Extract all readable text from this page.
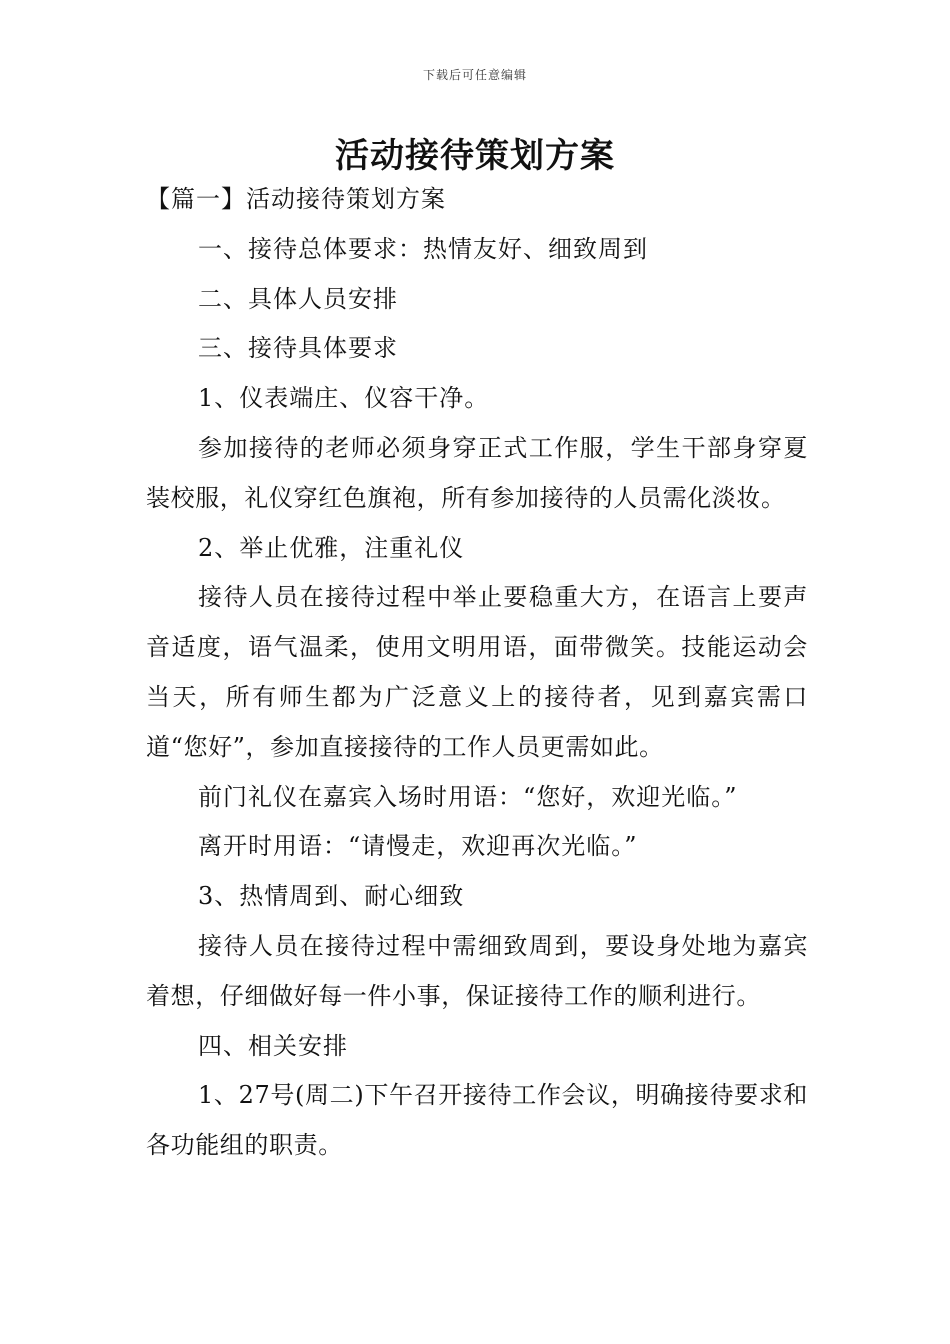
下载后可任意编辑
活动接待策划方案

【篇一】活动接待策划方案

一、接待总体要求：热情友好、细致周到

二、具体人员安排

三、接待具体要求

1、仪表端庄、仪容干净。

参加接待的老师必须身穿正式工作服，学生干部身穿夏装校服，礼仪穿红色旗袍，所有参加接待的人员需化淡妆。

2、举止优雅，注重礼仪

接待人员在接待过程中举止要稳重大方，在语言上要声音适度，语气温柔，使用文明用语，面带微笑。技能运动会当天，所有师生都为广泛意义上的接待者，见到嘉宾需口道“您好”，参加直接接待的工作人员更需如此。

前门礼仪在嘉宾入场时用语：“您好，欢迎光临。”

离开时用语：“请慢走，欢迎再次光临。”

3、热情周到、耐心细致

接待人员在接待过程中需细致周到，要设身处地为嘉宾着想，仔细做好每一件小事，保证接待工作的顺利进行。

四、相关安排

1、27号(周二)下午召开接待工作会议，明确接待要求和各功能组的职责。
